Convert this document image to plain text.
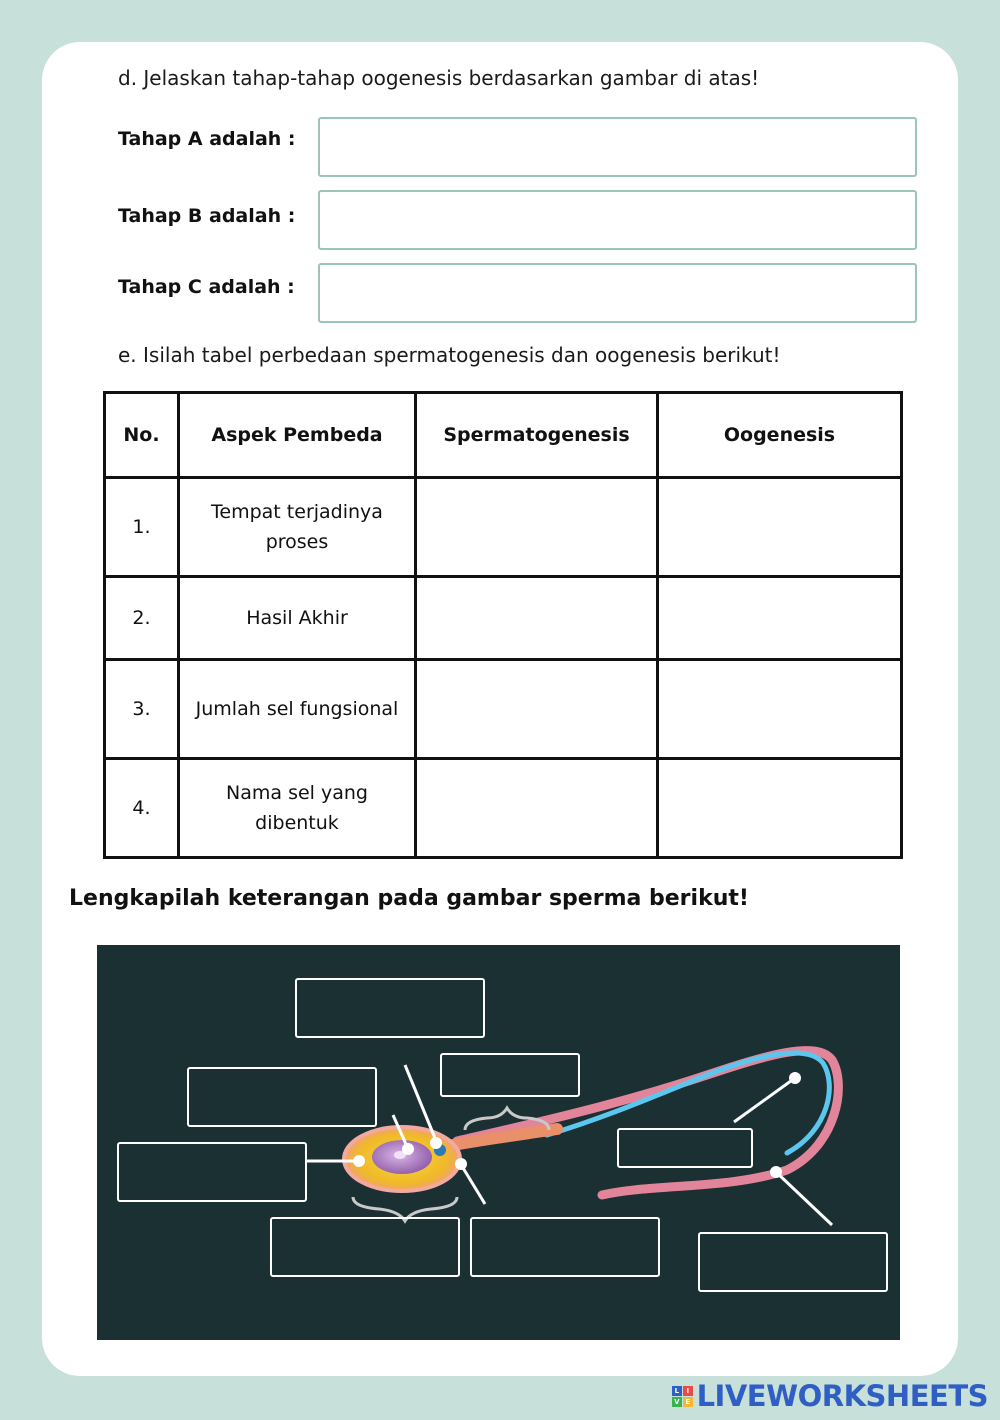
d. Jelaskan tahap-tahap oogenesis berdasarkan gambar di atas!
Tahap A adalah :
Tahap B adalah :
Tahap C adalah :
e. Isilah tabel perbedaan spermatogenesis dan oogenesis berikut!
No.	Aspek Pembeda	Spermatogenesis	Oogenesis
1.	Tempat terjadinya proses		
2.	Hasil Akhir		
3.	Jumlah sel fungsional		
4.	Nama sel yang dibentuk		
Lengkapilah keterangan pada gambar sperma berikut!
L	I
V E LIVEWORKSHEETS
